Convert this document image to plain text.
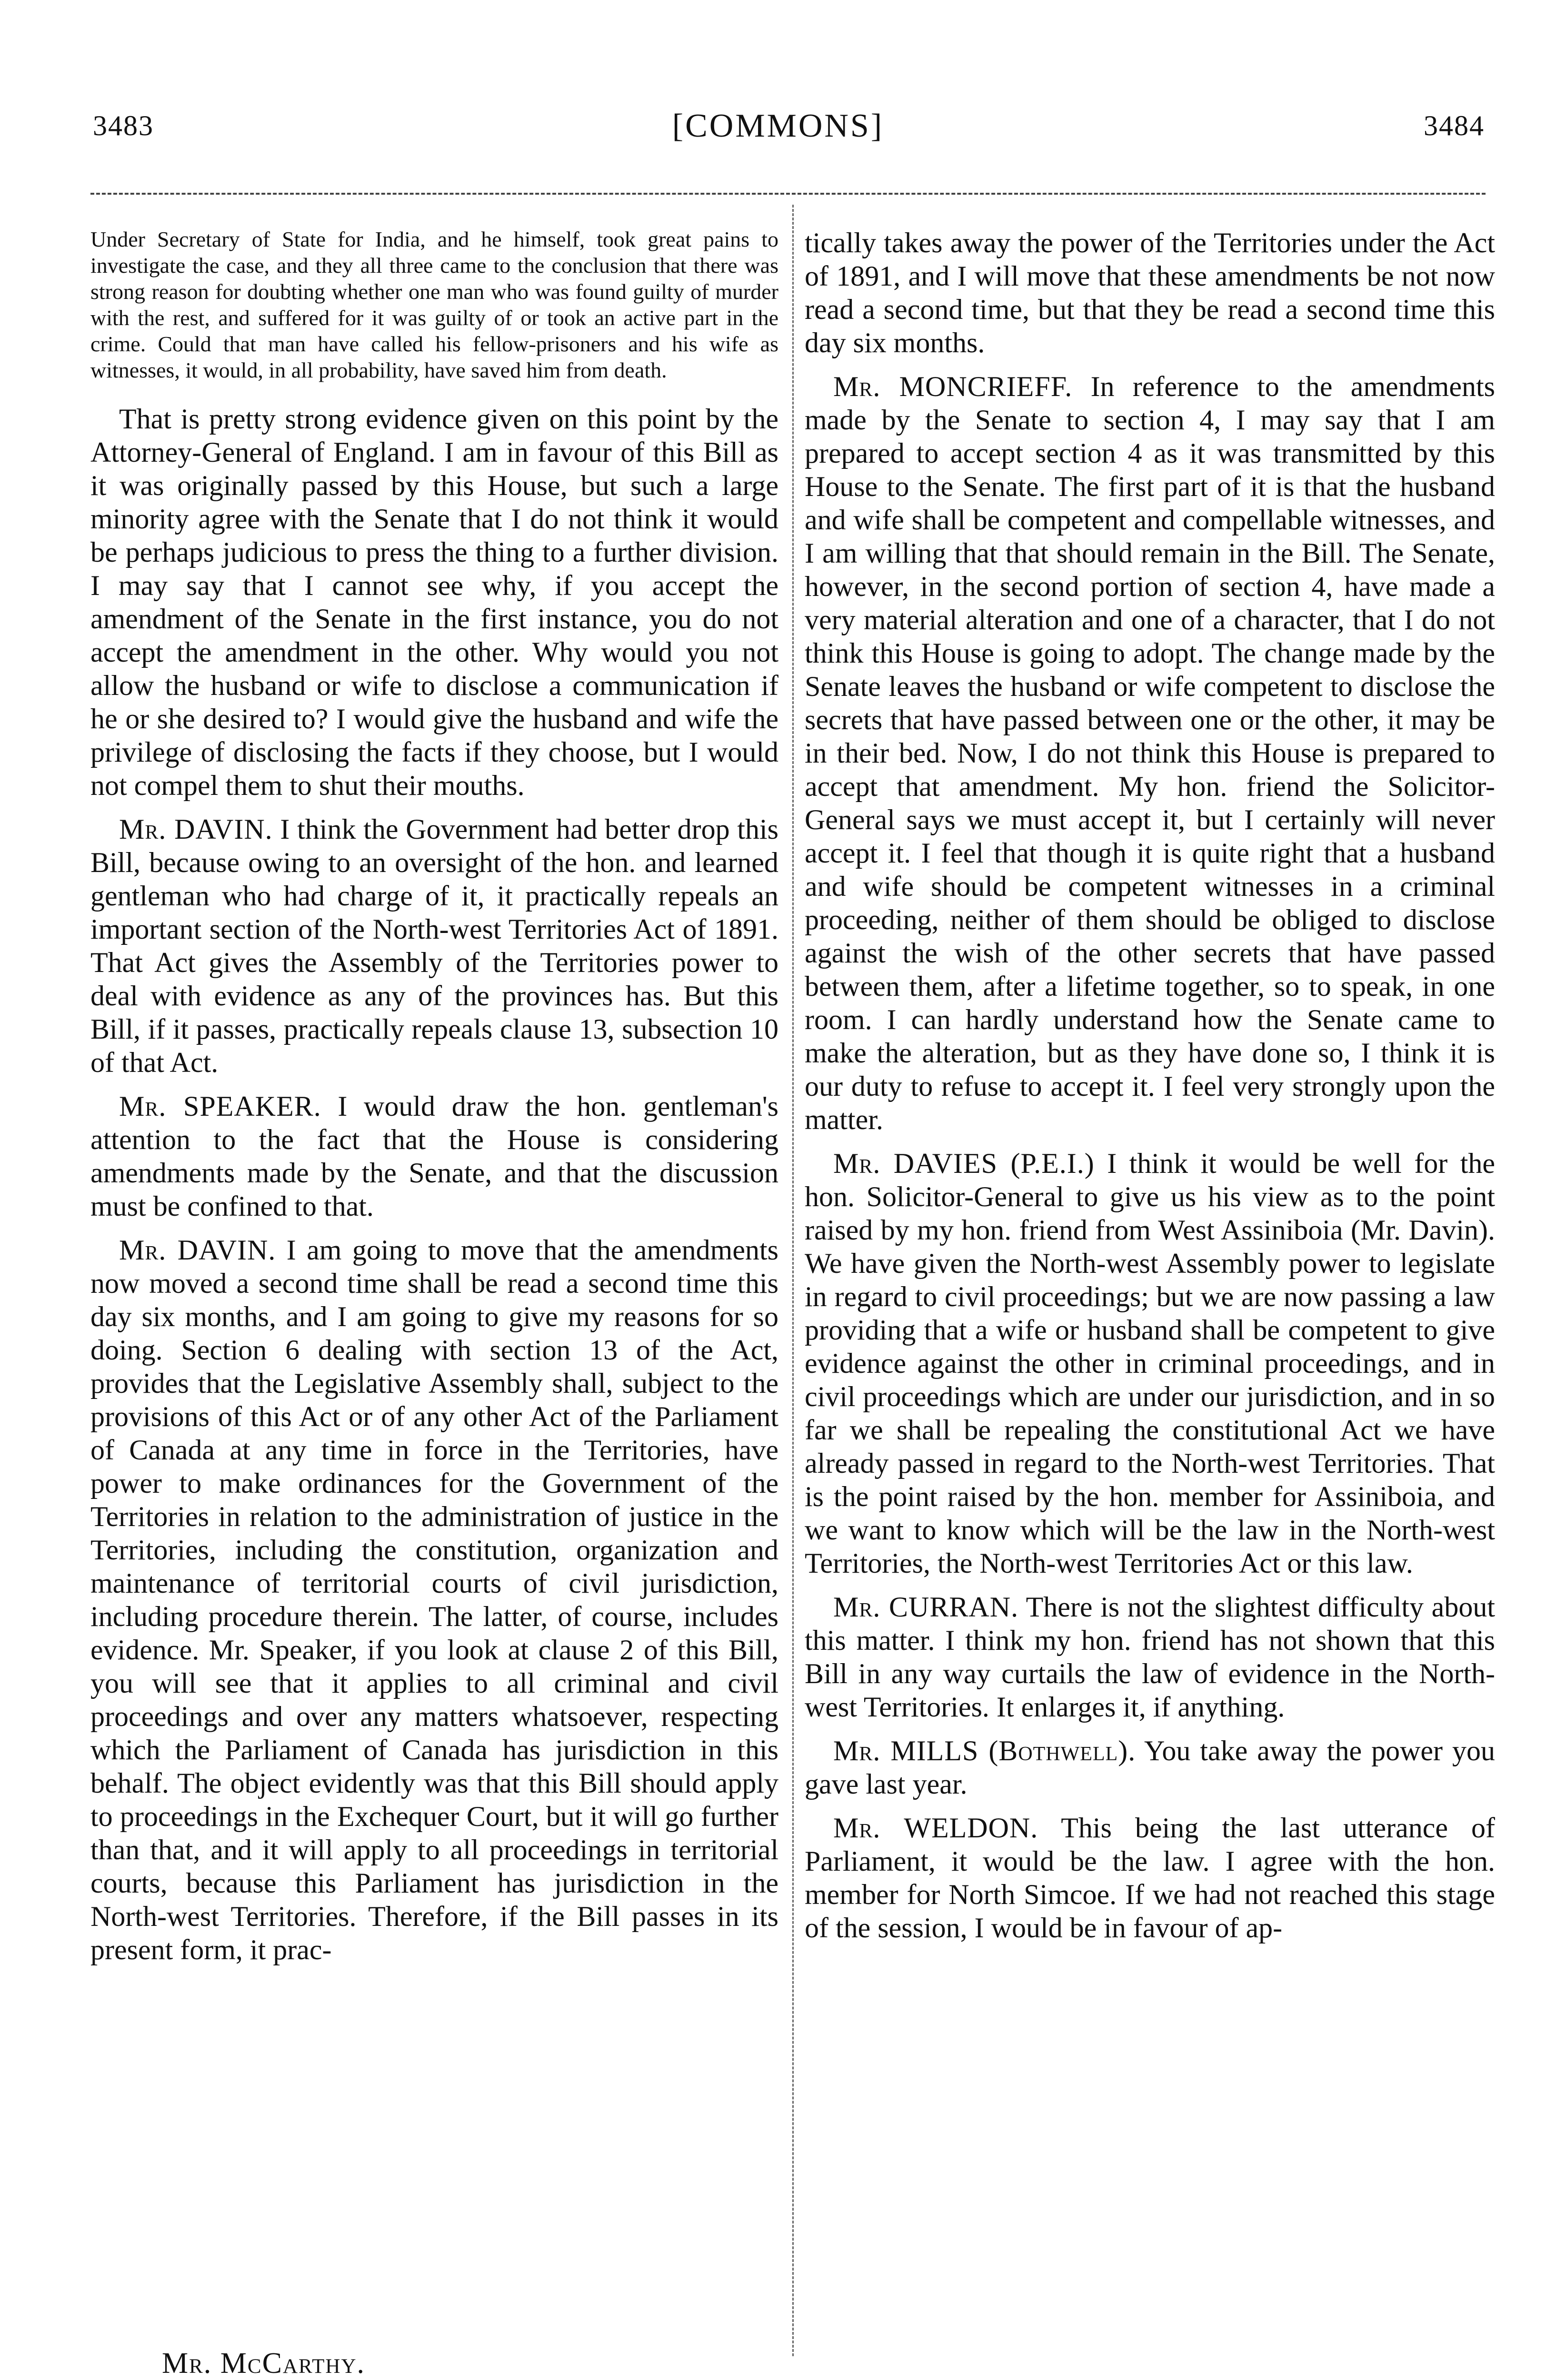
3483	[COMMONS]	3484

Under Secretary of State for India, and he himself, took great pains to investigate the case, and they all three came to the conclusion that there was strong reason for doubting whether one man who was found guilty of murder with the rest, and suffered for it was guilty of or took an active part in the crime. Could that man have called his fellow-prisoners and his wife as witnesses, it would, in all probability, have saved him from death.

That is pretty strong evidence given on this point by the Attorney-General of England. I am in favour of this Bill as it was originally passed by this House, but such a large minority agree with the Senate that I do not think it would be perhaps judicious to press the thing to a further division. I may say that I cannot see why, if you accept the amendment of the Senate in the first instance, you do not accept the amendment in the other. Why would you not allow the husband or wife to disclose a communication if he or she desired to? I would give the husband and wife the privilege of disclosing the facts if they choose, but I would not compel them to shut their mouths.

Mr. DAVIN. I think the Government had better drop this Bill, because owing to an oversight of the hon. and learned gentleman who had charge of it, it practically repeals an important section of the North-west Territories Act of 1891. That Act gives the Assembly of the Territories power to deal with evidence as any of the provinces has. But this Bill, if it passes, practically repeals clause 13, subsection 10 of that Act.

Mr. SPEAKER. I would draw the hon. gentleman's attention to the fact that the House is considering amendments made by the Senate, and that the discussion must be confined to that.

Mr. DAVIN. I am going to move that the amendments now moved a second time shall be read a second time this day six months, and I am going to give my reasons for so doing. Section 6 dealing with section 13 of the Act, provides that the Legislative Assembly shall, subject to the provisions of this Act or of any other Act of the Parliament of Canada at any time in force in the Territories, have power to make ordinances for the Government of the Territories in relation to the administration of justice in the Territories, including the constitution, organization and maintenance of territorial courts of civil jurisdiction, including procedure therein. The latter, of course, includes evidence. Mr. Speaker, if you look at clause 2 of this Bill, you will see that it applies to all criminal and civil proceedings and over any matters whatsoever, respecting which the Parliament of Canada has jurisdiction in this behalf. The object evidently was that this Bill should apply to proceedings in the Exchequer Court, but it will go further than that, and it will apply to all proceedings in territorial courts, because this Parliament has jurisdiction in the North-west Territories. Therefore, if the Bill passes in its present form, it prac-

tically takes away the power of the Territories under the Act of 1891, and I will move that these amendments be not now read a second time, but that they be read a second time this day six months.

Mr. MONCRIEFF. In reference to the amendments made by the Senate to section 4, I may say that I am prepared to accept section 4 as it was transmitted by this House to the Senate. The first part of it is that the husband and wife shall be competent and compellable witnesses, and I am willing that that should remain in the Bill. The Senate, however, in the second portion of section 4, have made a very material alteration and one of a character, that I do not think this House is going to adopt. The change made by the Senate leaves the husband or wife competent to disclose the secrets that have passed between one or the other, it may be in their bed. Now, I do not think this House is prepared to accept that amendment. My hon. friend the Solicitor-General says we must accept it, but I certainly will never accept it. I feel that though it is quite right that a husband and wife should be competent witnesses in a criminal proceeding, neither of them should be obliged to disclose against the wish of the other secrets that have passed between them, after a lifetime together, so to speak, in one room. I can hardly understand how the Senate came to make the alteration, but as they have done so, I think it is our duty to refuse to accept it. I feel very strongly upon the matter.

Mr. DAVIES (P.E.I.) I think it would be well for the hon. Solicitor-General to give us his view as to the point raised by my hon. friend from West Assiniboia (Mr. Davin). We have given the North-west Assembly power to legislate in regard to civil proceedings; but we are now passing a law providing that a wife or husband shall be competent to give evidence against the other in criminal proceedings, and in civil proceedings which are under our jurisdiction, and in so far we shall be repealing the constitutional Act we have already passed in regard to the North-west Territories. That is the point raised by the hon. member for Assiniboia, and we want to know which will be the law in the North-west Territories, the North-west Territories Act or this law.

Mr. CURRAN. There is not the slightest difficulty about this matter. I think my hon. friend has not shown that this Bill in any way curtails the law of evidence in the North-west Territories. It enlarges it, if anything.

Mr. MILLS (Bothwell). You take away the power you gave last year.

Mr. WELDON. This being the last utterance of Parliament, it would be the law. I agree with the hon. member for North Simcoe. If we had not reached this stage of the session, I would be in favour of ap-

Mr. McCarthy.
